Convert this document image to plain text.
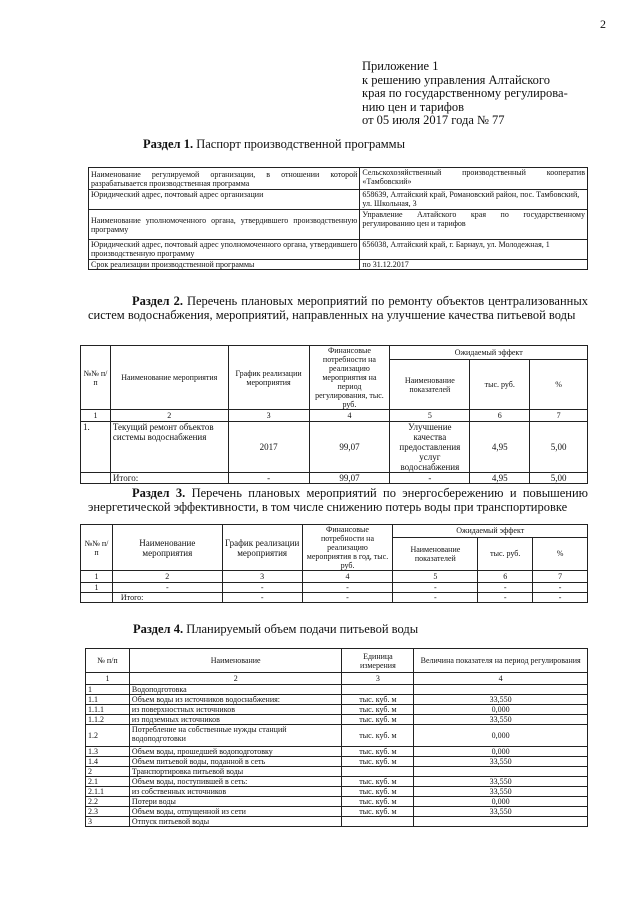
2
Приложение 1
к решению управления Алтайского
края по государственному регулирова-
нию цен и тарифов
от 05 июля 2017 года № 77
Раздел 1. Паспорт производственной программы
Наименование регулируемой организации, в отношении которой разрабатывается производственная программа	Сельскохозяйственный производственный кооператив «Тамбовский»
Юридический адрес, почтовый адрес организации	658639, Алтайский край, Романовский район, пос. Тамбовский, ул. Школьная, 3
Наименование уполномоченного органа, утвердившего производственную программу	Управление Алтайского края по государственному регулированию цен и тарифов
Юридический адрес, почтовый адрес уполномоченного органа, утвердившего производственную программу	656038, Алтайский край, г. Барнаул, ул. Молодежная, 1
Срок реализации производственной программы	по 31.12.2017
Раздел 2. Перечень плановых мероприятий по ремонту объектов централизованных систем водоснабжения, мероприятий, направленных на улучшение качества питьевой воды
№№ п/п	Наименование мероприятия	График реализации мероприятия	Финансовые потребности на реализацию мероприятия на период регулирования, тыс. руб.	Ожидаемый эффект		
				Наименование показателей	тыс. руб.	%
1	2	3	4	5	6	7
1.	Текущий ремонт объектов системы водоснабжения	2017	99,07	Улучшение качества предоставления услуг водоснабжения	4,95	5,00
	Итого:	-	99,07	-	4,95	5,00
Раздел 3. Перечень плановых мероприятий по энергосбережению и повышению энергетической эффективности, в том числе снижению потерь воды при транспортировке
№№ п/п	Наименование мероприятия	График реализации мероприятия	Финансовые потребности на реализацию мероприятия в год, тыс. руб.	Ожидаемый эффект		
				Наименование показателей	тыс. руб.	%
1	2	3	4	5	6	7
1	-	-	-	-	-	-
	Итого:	-	-	-	-	-
Раздел 4. Планируемый объем подачи питьевой воды
№ п/п	Наименование	Единица измерения	Величина показателя на период регулирования
1	2	3	4
1	Водоподготовка		
1.1	Объем воды из источников водоснабжения:	тыс. куб. м	33,550
1.1.1	из поверхностных источников	тыс. куб. м	0,000
1.1.2	из подземных источников	тыс. куб. м	33,550
1.2	Потребление на собственные нужды станций водоподготовки	тыс. куб. м	0,000
1.3	Объем воды, прошедшей водоподготовку	тыс. куб. м	0,000
1.4	Объем питьевой воды, поданной в сеть	тыс. куб. м	33,550
2	Транспортировка питьевой воды		
2.1	Объем воды, поступившей в сеть:	тыс. куб. м	33,550
2.1.1	из собственных источников	тыс. куб. м	33,550
2.2	Потери воды	тыс. куб. м	0,000
2.3	Объем воды, отпущенной из сети	тыс. куб. м	33,550
3	Отпуск питьевой воды		
